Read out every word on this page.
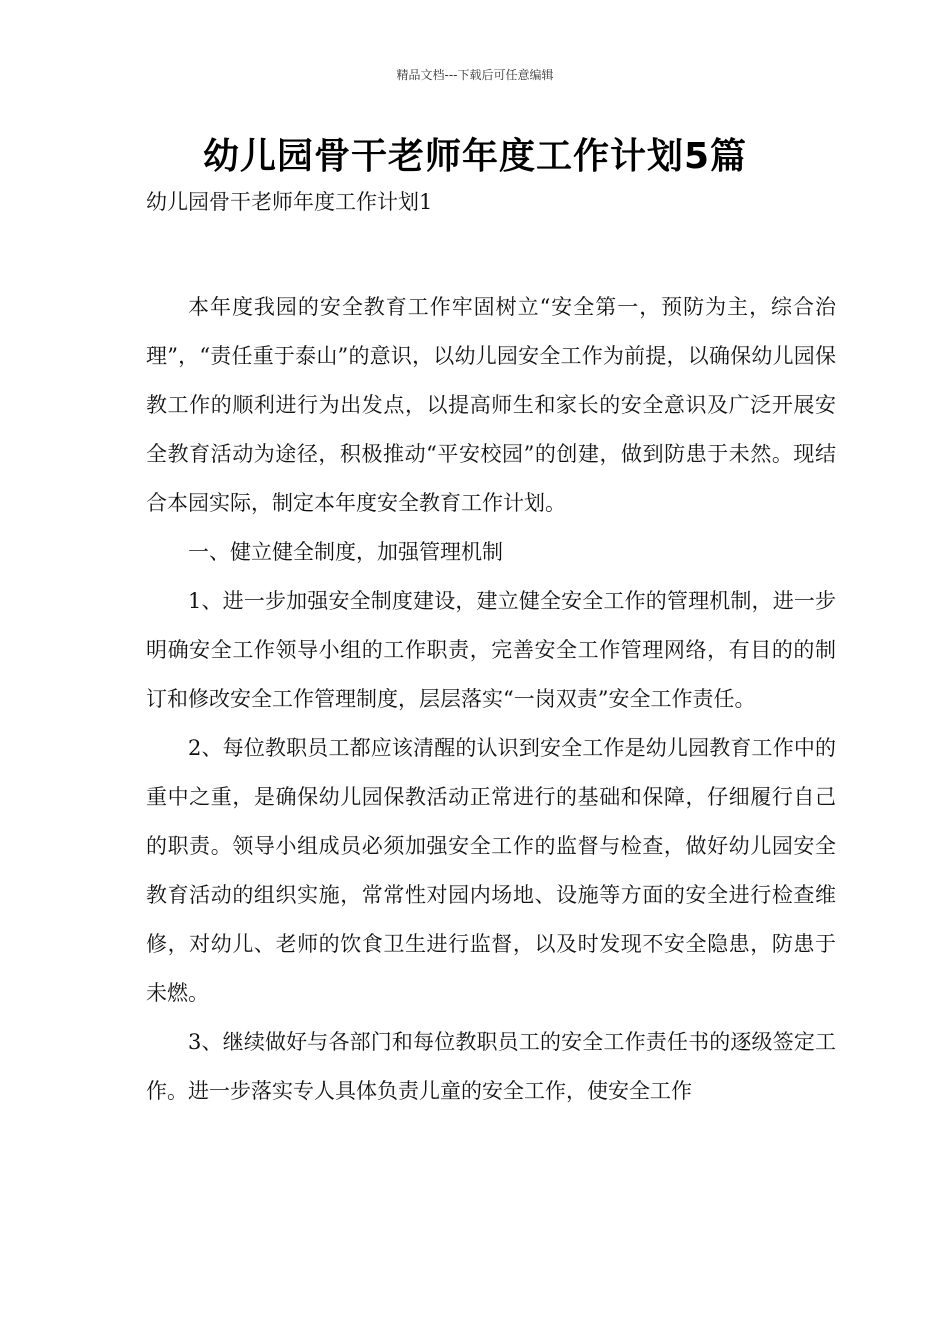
精品文档---下载后可任意编辑
幼儿园骨干老师年度工作计划5篇
幼儿园骨干老师年度工作计划1

本年度我园的安全教育工作牢固树立“安全第一，预防为主，综合治理”，“责任重于泰山”的意识，以幼儿园安全工作为前提，以确保幼儿园保教工作的顺利进行为出发点，以提高师生和家长的安全意识及广泛开展安全教育活动为途径，积极推动“平安校园”的创建，做到防患于未然。现结合本园实际，制定本年度安全教育工作计划。

一、健立健全制度，加强管理机制

1、进一步加强安全制度建设，建立健全安全工作的管理机制，进一步明确安全工作领导小组的工作职责，完善安全工作管理网络，有目的的制订和修改安全工作管理制度，层层落实“一岗双责”安全工作责任。

2、每位教职员工都应该清醒的认识到安全工作是幼儿园教育工作中的重中之重，是确保幼儿园保教活动正常进行的基础和保障，仔细履行自己的职责。领导小组成员必须加强安全工作的监督与检查，做好幼儿园安全教育活动的组织实施，常常性对园内场地、设施等方面的安全进行检查维修，对幼儿、老师的饮食卫生进行监督，以及时发现不安全隐患，防患于未燃。

3、继续做好与各部门和每位教职员工的安全工作责任书的逐级签定工作。进一步落实专人具体负责儿童的安全工作，使安全工作
